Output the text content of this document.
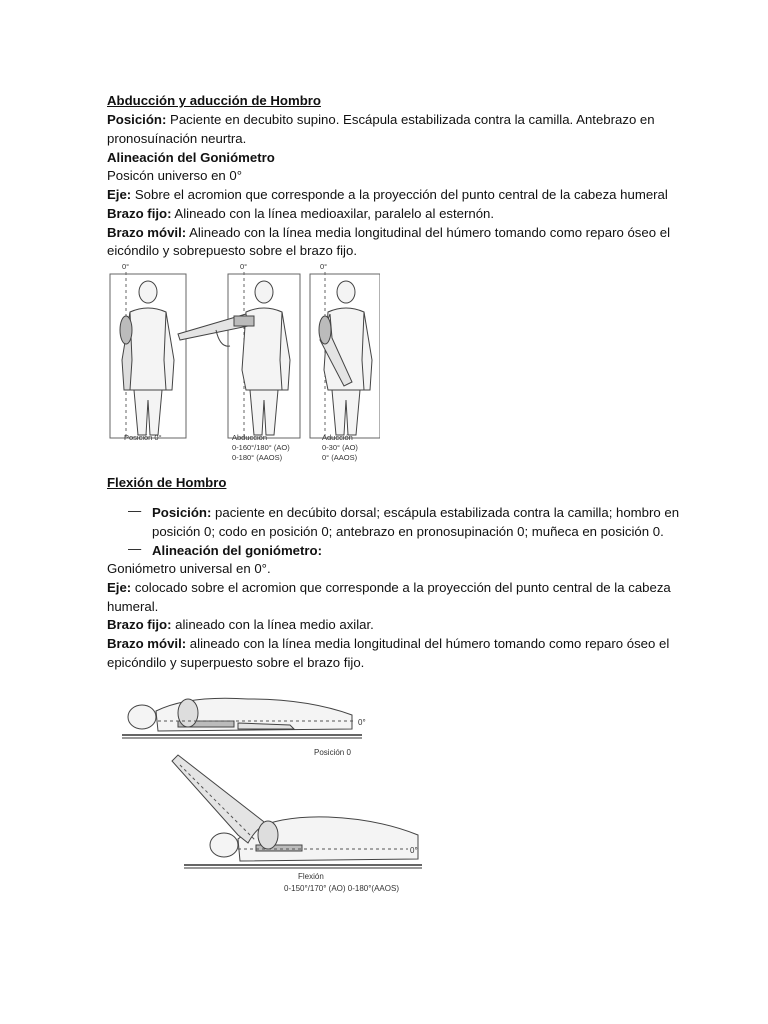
Abducción y aducción de Hombro
Posición: Paciente en decubito supino. Escápula estabilizada contra la camilla. Antebrazo en
pronosuínación neurtra.
Alineación del Goniómetro
Posicón universo en 0°
Eje: Sobre el acromion que corresponde a la proyección del punto central de la cabeza humeral
Brazo fijo: Alineado con la línea medioaxilar, paralelo al esternón.
Brazo móvil: Alineado con la línea media longitudinal del húmero tomando como reparo óseo el
eicóndilo y sobrepuesto sobre el brazo fijo.
0°	0°	0°
Posición 0°	Abducción
0-160°/180° (AO)
0-180° (AAOS)
Aducción
0-30° (AO)
0° (AAOS)
Flexión de Hombro
— Posición: paciente en decúbito dorsal; escápula estabilizada contra la camilla; hombro en
posición 0; codo en posición 0; antebrazo en pronosupinación 0; muñeca en posición 0.
— Alineación del goniómetro:
Goniómetro universal en 0°.
Eje: colocado sobre el acromion que corresponde a la proyección del punto central de la cabeza
humeral.
Brazo fijo: alineado con la línea medio axilar.
Brazo móvil: alineado con la línea media longitudinal del húmero tomando como reparo óseo el
epicóndilo y superpuesto sobre el brazo fijo.
0°
Posición 0
0°
Flexión
0-150°/170° (AO) 0-180°(AAOS)
